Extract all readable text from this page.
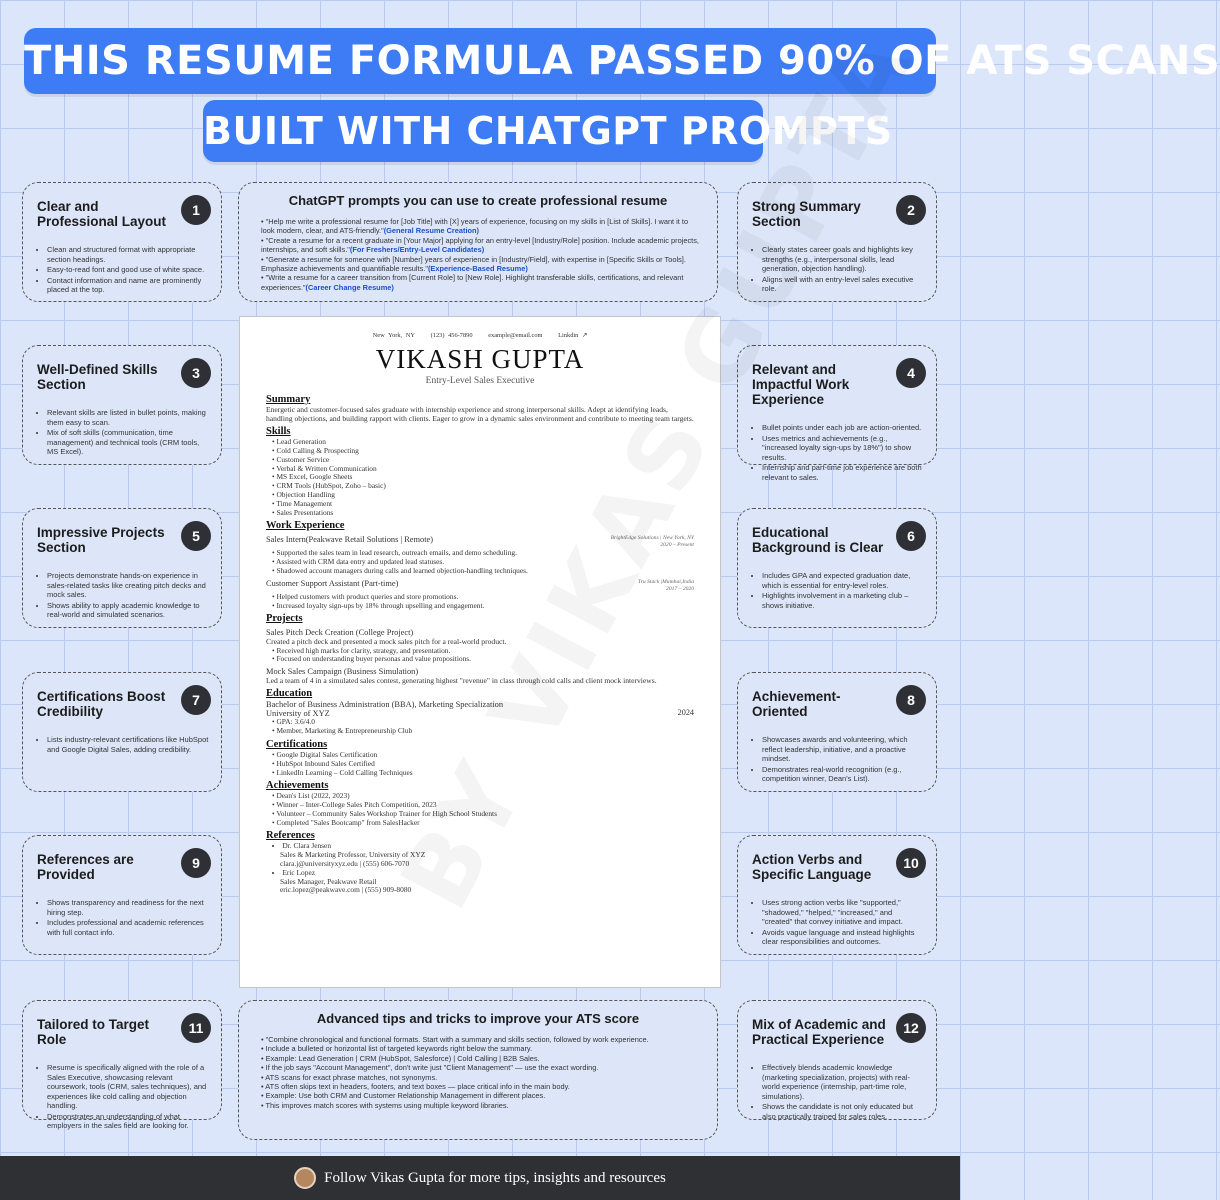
THIS RESUME FORMULA PASSED 90% OF ATS SCANS
BUILT WITH CHATGPT PROMPTS
Clear and Professional Layout
1
• Clean and structured format with appropriate section headings.
• Easy-to-read font and good use of white space.
• Contact information and name are prominently placed at the top.
Strong Summary Section
2
• Clearly states career goals and highlights key strengths (e.g., interpersonal skills, lead generation, objection handling).
• Aligns well with an entry-level sales executive role.
Well-Defined Skills Section
3
• Relevant skills are listed in bullet points, making them easy to scan.
• Mix of soft skills (communication, time management) and technical tools (CRM tools, MS Excel).
Relevant and Impactful Work Experience
4
• Bullet points under each job are action-oriented.
• Uses metrics and achievements (e.g., "increased loyalty sign-ups by 18%") to show results.
• Internship and part-time job experience are both relevant to sales.
Impressive Projects Section
5
• Projects demonstrate hands-on experience in sales-related tasks like creating pitch decks and mock sales.
• Shows ability to apply academic knowledge to real-world and simulated scenarios.
Educational Background is Clear
6
• Includes GPA and expected graduation date, which is essential for entry-level roles.
• Highlights involvement in a marketing club – shows initiative.
Certifications Boost Credibility
7
• Lists industry-relevant certifications like HubSpot and Google Digital Sales, adding credibility.
Achievement-Oriented
8
• Showcases awards and volunteering, which reflect leadership, initiative, and a proactive mindset.
• Demonstrates real-world recognition (e.g., competition winner, Dean's List).
References are Provided
9
• Shows transparency and readiness for the next hiring step.
• Includes professional and academic references with full contact info.
Action Verbs and Specific Language
10
• Uses strong action verbs like "supported," "shadowed," "helped," "increased," and "created" that convey initiative and impact.
• Avoids vague language and instead highlights clear responsibilities and outcomes.
Tailored to Target Role
11
• Resume is specifically aligned with the role of a Sales Executive, showcasing relevant coursework, tools (CRM, sales techniques), and experiences like cold calling and objection handling.
• Demonstrates an understanding of what employers in the sales field are looking for.
Mix of Academic and Practical Experience
12
• Effectively blends academic knowledge (marketing specialization, projects) with real-world experience (internship, part-time role, simulations).
• Shows the candidate is not only educated but also practically trained for sales roles.
ChatGPT prompts you can use to create professional resume
• "Help me write a professional resume for [Job Title] with [X] years of experience, focusing on my skills in [List of Skills]. I want it to look modern, clear, and ATS-friendly."(General Resume Creation)
• "Create a resume for a recent graduate in [Your Major] applying for an entry-level [Industry/Role] position. Include academic projects, internships, and soft skills."(For Freshers/Entry-Level Candidates)
• "Generate a resume for someone with [Number] years of experience in [Industry/Field], with expertise in [Specific Skills or Tools]. Emphasize achievements and quantifiable results."(Experience-Based Resume)
• "Write a resume for a career transition from [Current Role] to [New Role]. Highlight transferable skills, certifications, and relevant experiences."(Career Change Resume)
New York, NY (123) 456-7890 example@email.com Linkdin ↗
VIKASH GUPTA
Entry-Level Sales Executive
Summary
Energetic and customer-focused sales graduate with internship experience and strong interpersonal skills. Adept at identifying leads, handling objections, and building rapport with clients. Eager to grow in a dynamic sales environment and contribute to meeting team targets.
Skills
• Lead Generation
• Cold Calling & Prospecting
• Customer Service
• Verbal & Written Communication
• MS Excel, Google Sheets
• CRM Tools (HubSpot, Zoho – basic)
• Objection Handling
• Time Management
• Sales Presentations
Work Experience
Sales Intern(Peakwave Retail Solutions | Remote)	BrightEdge Solutions | New York, NY
2020 – Present
• Supported the sales team in lead research, outreach emails, and demo scheduling.
• Assisted with CRM data entry and updated lead statuses.
• Shadowed account managers during calls and learned objection-handling techniques.
Customer Support Assistant (Part-time)	Tru Stack |Mumbai,India
2017 – 2020
• Helped customers with product queries and store promotions.
• Increased loyalty sign-ups by 18% through upselling and engagement.
Projects
Sales Pitch Deck Creation (College Project)
Created a pitch deck and presented a mock sales pitch for a real-world product.
• Received high marks for clarity, strategy, and presentation.
• Focused on understanding buyer personas and value propositions.
Mock Sales Campaign (Business Simulation)
Led a team of 4 in a simulated sales contest, generating highest "revenue" in class through cold calls and client mock interviews.
Education
Bachelor of Business Administration (BBA), Marketing Specialization
University of XYZ	2024
• GPA: 3.6/4.0
• Member, Marketing & Entrepreneurship Club
Certifications
• Google Digital Sales Certification
• HubSpot Inbound Sales Certified
• LinkedIn Learning – Cold Calling Techniques
Achievements
• Dean's List (2022, 2023)
• Winner – Inter-College Sales Pitch Competition, 2023
• Volunteer – Community Sales Workshop Trainer for High School Students
• Completed "Sales Bootcamp" from SalesHacker
References
• Dr. Clara Jensen
Sales & Marketing Professor, University of XYZ
clara.j@universityxyz.edu | (555) 606-7070
• Eric Lopez
Sales Manager, Peakwave Retail
eric.lopez@peakwave.com | (555) 909-8080
Advanced tips and tricks to improve your ATS score
• "Combine chronological and functional formats. Start with a summary and skills section, followed by work experience.
• Include a bulleted or horizontal list of targeted keywords right below the summary.
• Example: Lead Generation | CRM (HubSpot, Salesforce) | Cold Calling | B2B Sales.
• If the job says "Account Management", don't write just "Client Management" — use the exact wording.
• ATS scans for exact phrase matches, not synonyms.
• ATS often skips text in headers, footers, and text boxes — place critical info in the main body.
• Example: Use both CRM and Customer Relationship Management in different places.
• This improves match scores with systems using multiple keyword libraries.
Follow Vikas Gupta for more tips, insights and resources
